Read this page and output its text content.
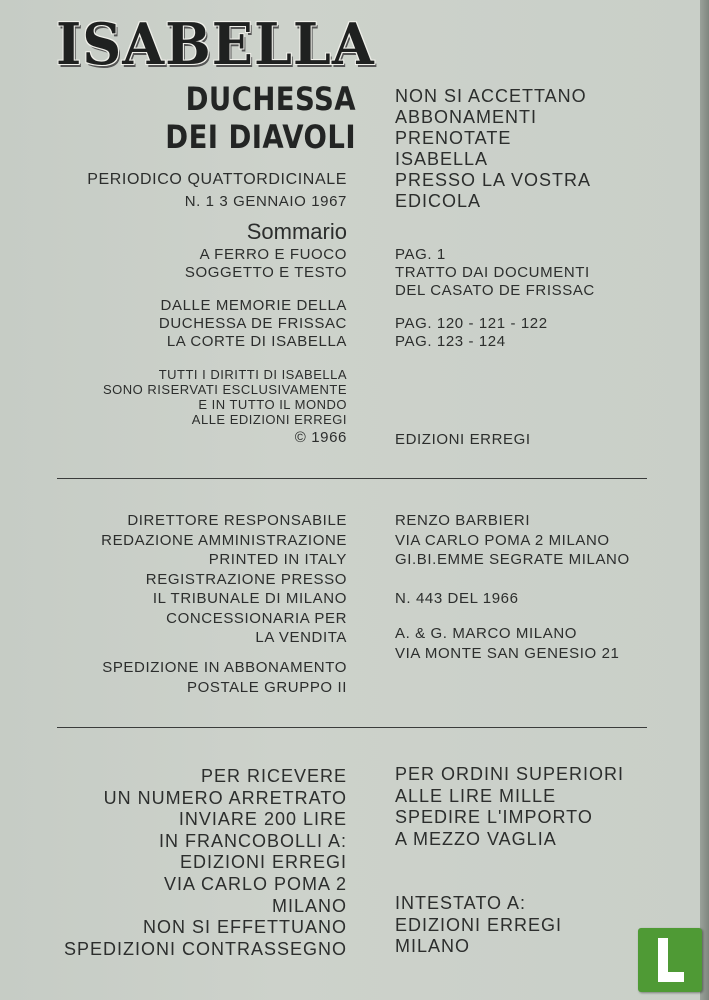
ISABELLA
DUCHESSA
DEI DIAVOLI
PERIODICO QUATTORDICINALE
N. 1 3 GENNAIO 1967
NON SI ACCETTANO
ABBONAMENTI
PRENOTATE
ISABELLA
PRESSO LA VOSTRA
EDICOLA
Sommario
A FERRO E FUOCO
SOGGETTO E TESTO
DALLE MEMORIE DELLA
DUCHESSA DE FRISSAC
LA CORTE DI ISABELLA
PAG. 1
TRATTO DAI DOCUMENTI
DEL CASATO DE FRISSAC
PAG. 120 - 121 - 122
PAG. 123 - 124
TUTTI I DIRITTI DI ISABELLA
SONO RISERVATI ESCLUSIVAMENTE
E IN TUTTO IL MONDO
ALLE EDIZIONI ERREGI
© 1966	EDIZIONI ERREGI
DIRETTORE RESPONSABILE
REDAZIONE AMMINISTRAZIONE
PRINTED IN ITALY
REGISTRAZIONE PRESSO
IL TRIBUNALE DI MILANO
CONCESSIONARIA PER
LA VENDITA
SPEDIZIONE IN ABBONAMENTO
POSTALE GRUPPO II
RENZO BARBIERI
VIA CARLO POMA 2 MILANO
GI.BI.EMME SEGRATE MILANO
N. 443 DEL 1966
A. & G. MARCO MILANO
VIA MONTE SAN GENESIO 21
PER RICEVERE
UN NUMERO ARRETRATO
INVIARE 200 LIRE
IN FRANCOBOLLI A:
EDIZIONI ERREGI
VIA CARLO POMA 2
MILANO
NON SI EFFETTUANO
SPEDIZIONI CONTRASSEGNO
PER ORDINI SUPERIORI
ALLE LIRE MILLE
SPEDIRE L'IMPORTO
A MEZZO VAGLIA
INTESTATO A:
EDIZIONI ERREGI
MILANO
